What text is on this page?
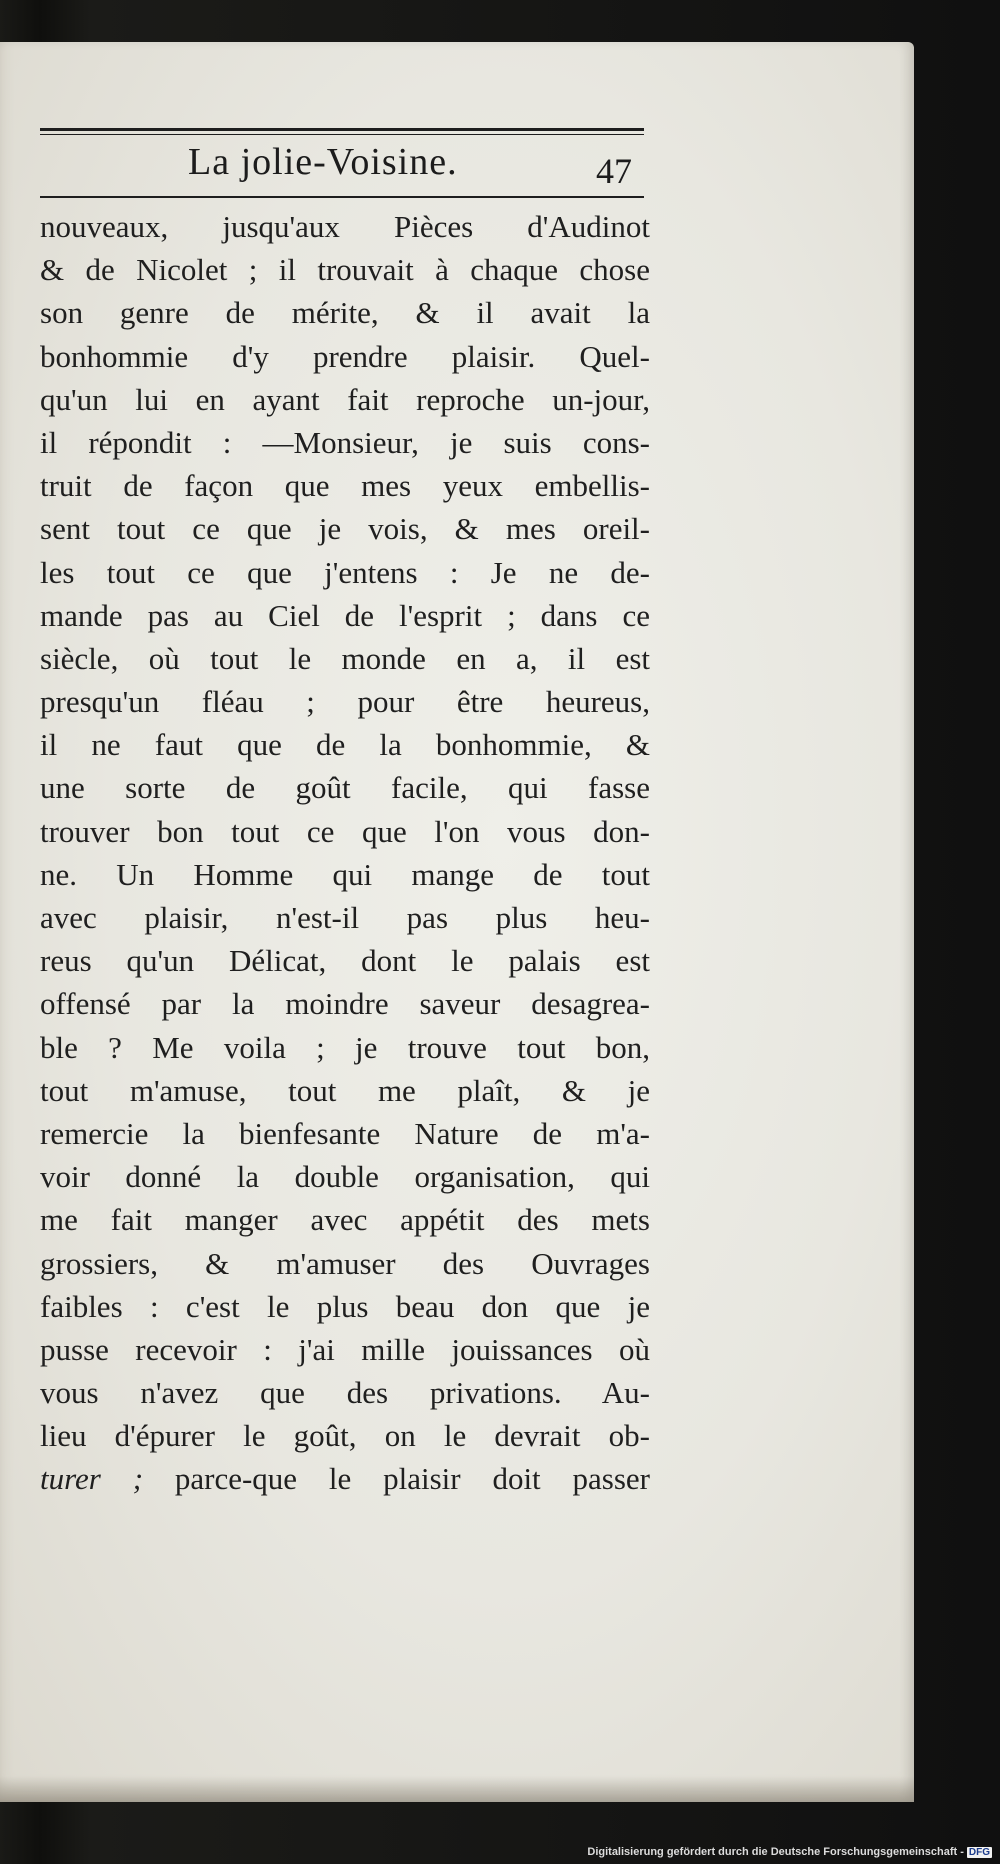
La jolie-Voisine.	47
nouveaux, jusqu'aux Pièces d'Audinot
& de Nicolet ; il trouvait à chaque chose
son genre de mérite, & il avait la
bonhommie d'y prendre plaisir. Quel-
qu'un lui en ayant fait reproche un-jour,
il répondit : —Monsieur, je suis cons-
truit de façon que mes yeux embellis-
sent tout ce que je vois, & mes oreil-
les tout ce que j'entens : Je ne de-
mande pas au Ciel de l'esprit ; dans ce
siècle, où tout le monde en a, il est
presqu'un fléau ; pour être heureus,
il ne faut que de la bonhommie, &
une sorte de goût facile, qui fasse
trouver bon tout ce que l'on vous don-
ne. Un Homme qui mange de tout
avec plaisir, n'est-il pas plus heu-
reus qu'un Délicat, dont le palais est
offensé par la moindre saveur desagrea-
ble ? Me voila ; je trouve tout bon,
tout m'amuse, tout me plaît, & je
remercie la bienfesante Nature de m'a-
voir donné la double organisation, qui
me fait manger avec appétit des mets
grossiers, & m'amuser des Ouvrages
faibles : c'est le plus beau don que je
pusse recevoir : j'ai mille jouissances où
vous n'avez que des privations. Au-
lieu d'épurer le goût, on le devrait ob-
turer ; parce-que le plaisir doit passer
Digitalisierung gefördert durch die Deutsche Forschungsgemeinschaft - DFG
